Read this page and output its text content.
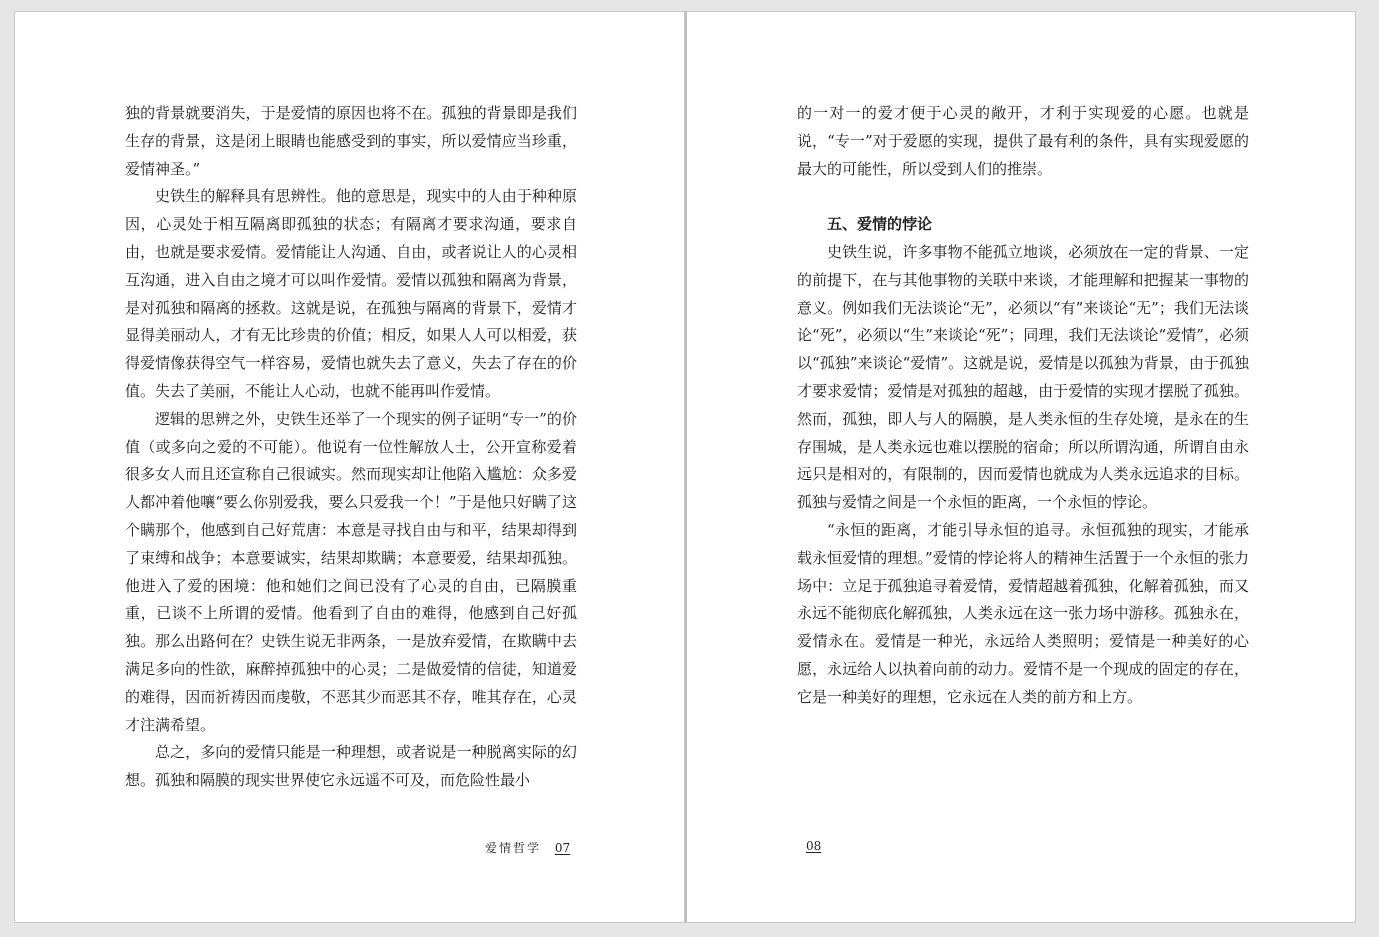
独的背景就要消失，于是爱情的原因也将不在。孤独的背景即是我们生存的背景，这是闭上眼睛也能感受到的事实，所以爱情应当珍重，爱情神圣。”

史铁生的解释具有思辨性。他的意思是，现实中的人由于种种原因，心灵处于相互隔离即孤独的状态；有隔离才要求沟通，要求自由，也就是要求爱情。爱情能让人沟通、自由，或者说让人的心灵相互沟通，进入自由之境才可以叫作爱情。爱情以孤独和隔离为背景，是对孤独和隔离的拯救。这就是说，在孤独与隔离的背景下，爱情才显得美丽动人，才有无比珍贵的价值；相反，如果人人可以相爱，获得爱情像获得空气一样容易，爱情也就失去了意义，失去了存在的价值。失去了美丽，不能让人心动，也就不能再叫作爱情。

逻辑的思辨之外，史铁生还举了一个现实的例子证明“专一”的价值（或多向之爱的不可能）。他说有一位性解放人士，公开宣称爱着很多女人而且还宣称自己很诚实。然而现实却让他陷入尴尬：众多爱人都冲着他嚷“要么你别爱我，要么只爱我一个！”于是他只好瞒了这个瞒那个，他感到自己好荒唐：本意是寻找自由与和平，结果却得到了束缚和战争；本意要诚实，结果却欺瞒；本意要爱，结果却孤独。他进入了爱的困境：他和她们之间已没有了心灵的自由，已隔膜重重，已谈不上所谓的爱情。他看到了自由的难得，他感到自己好孤独。那么出路何在？史铁生说无非两条，一是放弃爱情，在欺瞒中去满足多向的性欲，麻醉掉孤独中的心灵；二是做爱情的信徒，知道爱的难得，因而祈祷因而虔敬，不恶其少而恶其不存，唯其存在，心灵才注满希望。

总之，多向的爱情只能是一种理想，或者说是一种脱离实际的幻想。孤独和隔膜的现实世界使它永远遥不可及，而危险性最小

爱情哲学 07

的一对一的爱才便于心灵的敞开，才利于实现爱的心愿。也就是说，“专一”对于爱愿的实现，提供了最有利的条件，具有实现爱愿的最大的可能性，所以受到人们的推崇。

五、爱情的悖论

史铁生说，许多事物不能孤立地谈，必须放在一定的背景、一定的前提下，在与其他事物的关联中来谈，才能理解和把握某一事物的意义。例如我们无法谈论“无”，必须以“有”来谈论“无”；我们无法谈论“死”，必须以“生”来谈论“死”；同理，我们无法谈论“爱情”，必须以“孤独”来谈论“爱情”。这就是说，爱情是以孤独为背景，由于孤独才要求爱情；爱情是对孤独的超越，由于爱情的实现才摆脱了孤独。然而，孤独，即人与人的隔膜，是人类永恒的生存处境，是永在的生存围城，是人类永远也难以摆脱的宿命；所以所谓沟通，所谓自由永远只是相对的，有限制的，因而爱情也就成为人类永远追求的目标。孤独与爱情之间是一个永恒的距离，一个永恒的悖论。

“永恒的距离，才能引导永恒的追寻。永恒孤独的现实，才能承载永恒爱情的理想。”爱情的悖论将人的精神生活置于一个永恒的张力场中：立足于孤独追寻着爱情，爱情超越着孤独，化解着孤独，而又永远不能彻底化解孤独，人类永远在这一张力场中游移。孤独永在，爱情永在。爱情是一种光，永远给人类照明；爱情是一种美好的心愿，永远给人以执着向前的动力。爱情不是一个现成的固定的存在，它是一种美好的理想，它永远在人类的前方和上方。

08
